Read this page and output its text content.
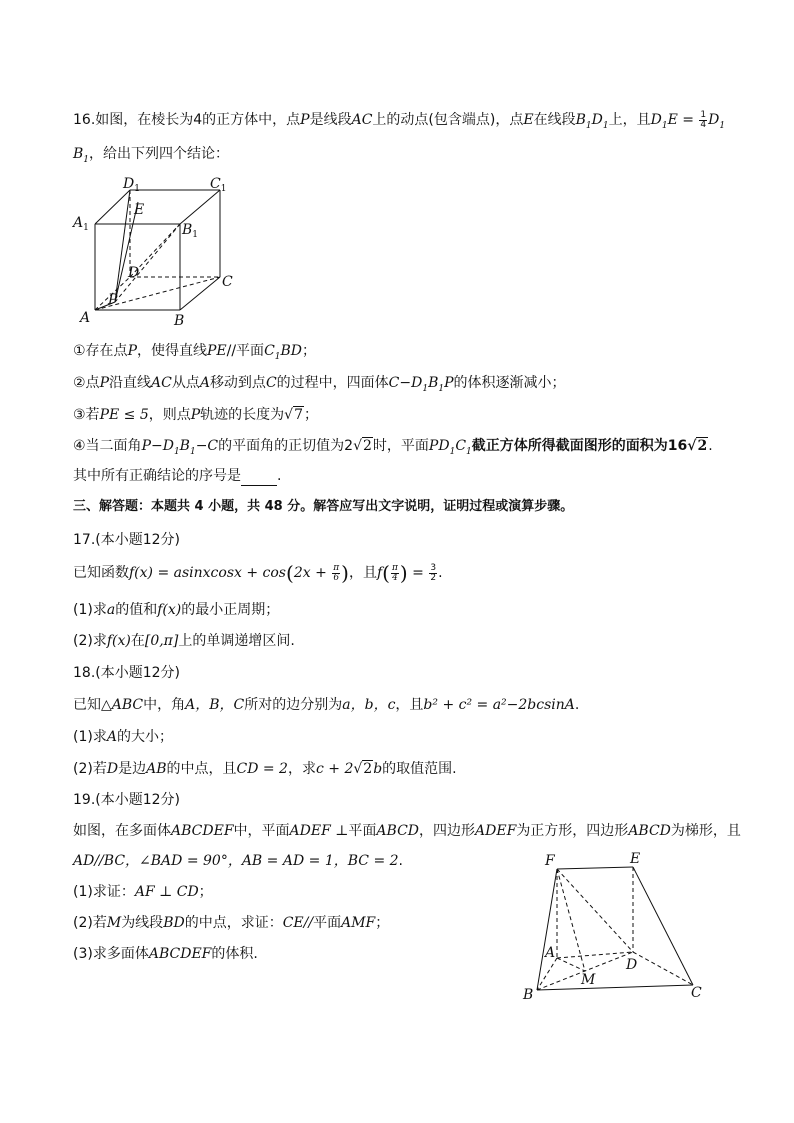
16.如图，在棱长为4的正方体中，点P是线段AC上的动点(包含端点)，点E在线段$B_1D_1$上，且$D_1E = \frac{1}{4} D_1$
$B_1$，给出下列四个结论：
$D_1$	$C_1$
$A_1$
E
$B_1$
D
P
C
A	B
①存在点P，使得直线PE//平面$C_1BD$；
②点P沿直线AC从点A移动到点C的过程中，四面体$C-D_1B_1P$的体积逐渐减小；
③若PE ≤ 5，则点P轨迹的长度为√7；
④当二面角$P-D_1B_1-C$的平面角的正切值为2√2时，平面$PD_1C_1$截正方体所得截面图形的面积为16√2.
其中所有正确结论的序号是	.
三、解答题：本题共 4 小题，共 48 分。解答应写出文字说明，证明过程或演算步骤。
17.(本小题12分)
已知函数f(x) = asinxcosx + $\cos(2x + \frac{\pi}{6}$ )，且$f( \frac{\pi}{4}$ ) = $\frac{3}{2}$ .
(1)求a的值和f(x)的最小正周期；
(2)求f(x)在[0,π]上的单调递增区间.
18.(本小题12分)
已知△ABC中，角A，B，C所对的边分别为a，b，c，且b² + c² = a²−2bcsinA.
(1)求A的大小；
(2)若D是边AB的中点，且CD = 2，求c + 2√2b的取值范围.
19.(本小题12分)
如图，在多面体ABCDEF中，平面ADEF ⊥平面ABCD，四边形ADEF为正方形，四边形ABCD为梯形，且
AD//BC，∠BAD = 90°，AB = AD = 1，BC = 2.
(1)求证：AF ⊥ CD；
(2)若M为线段BD的中点，求证：CE//平面AMF；
(3)求多面体ABCDEF的体积.
F	E
A
D
M
B	C
